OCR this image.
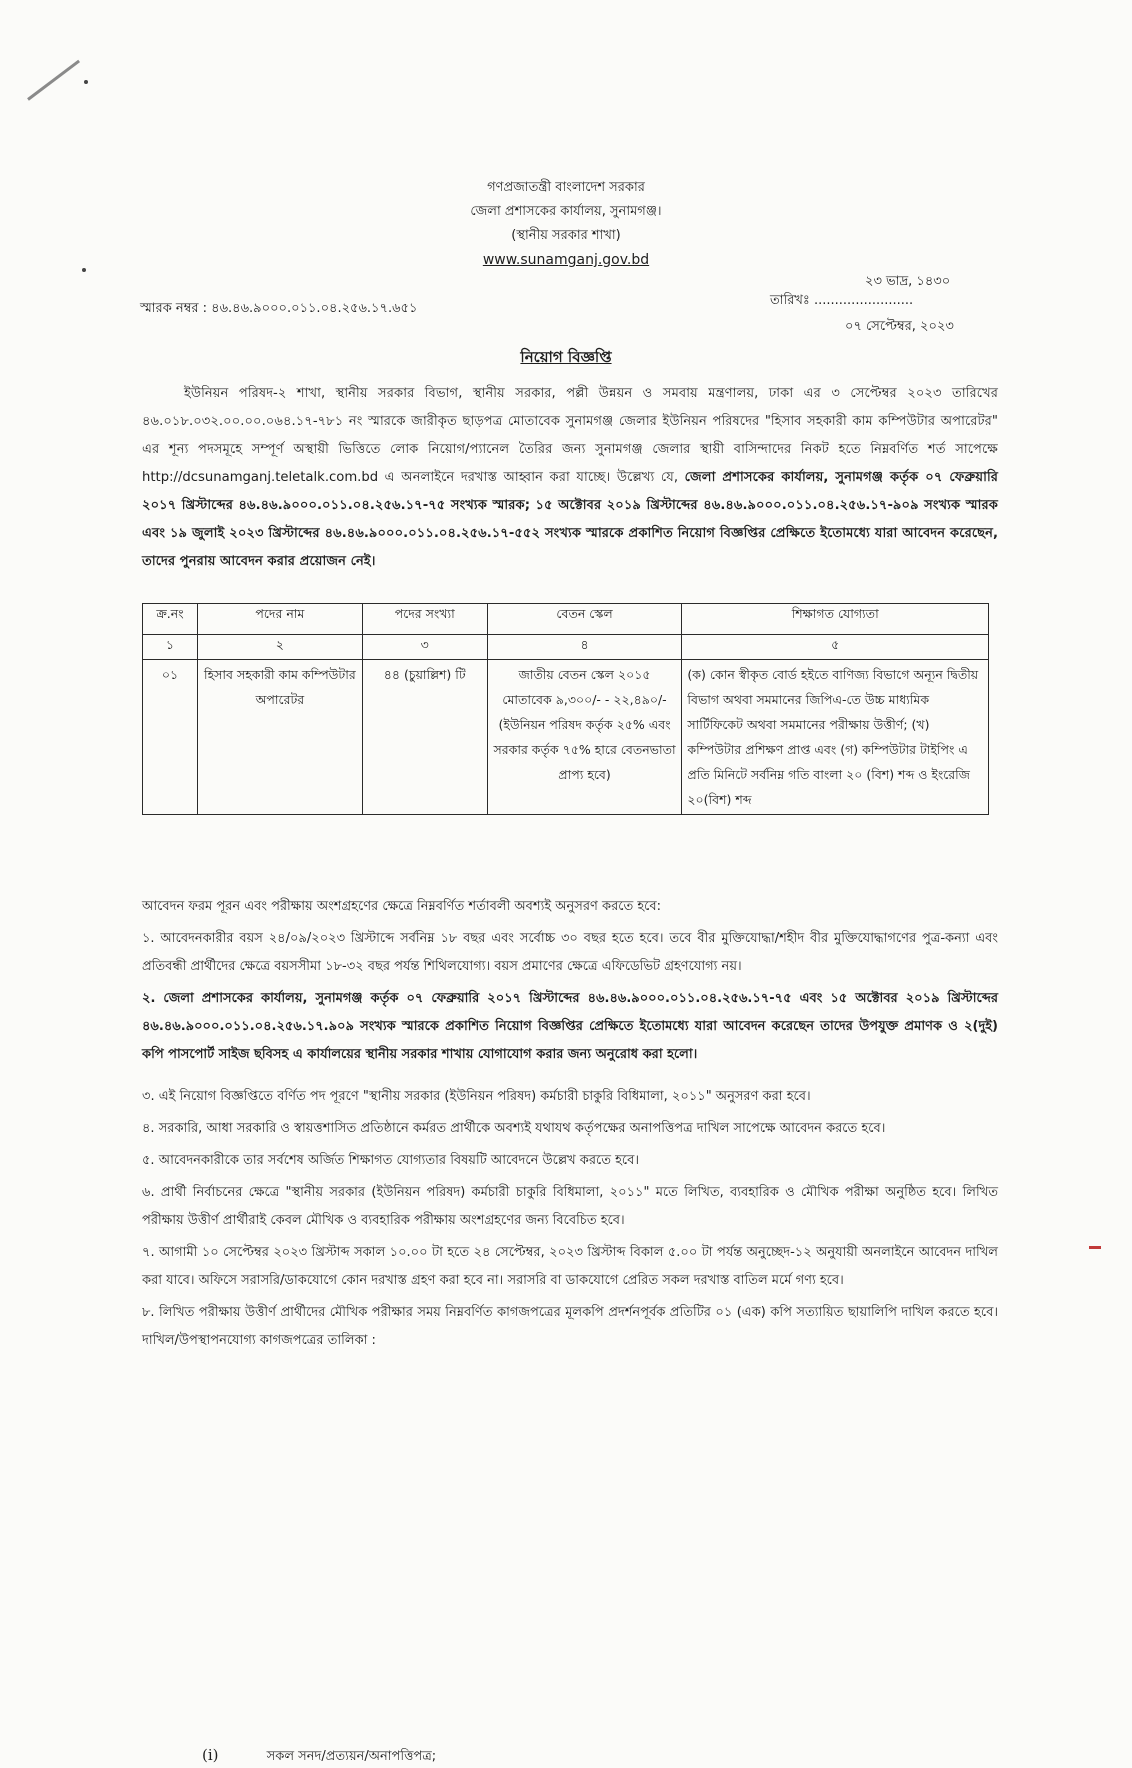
গণপ্রজাতন্ত্রী বাংলাদেশ সরকার
জেলা প্রশাসকের কার্যালয়, সুনামগঞ্জ।
(স্থানীয় সরকার শাখা)
www.sunamganj.gov.bd
২৩ ভাদ্র, ১৪৩০
স্মারক নম্বর : ৪৬.৪৬.৯০০০.০১১.০৪.২৫৬.১৭.৬৫১
তারিখঃ ........................
০৭ সেপ্টেম্বর, ২০২৩
নিয়োগ বিজ্ঞপ্তি
ইউনিয়ন পরিষদ-২ শাখা, স্থানীয় সরকার বিভাগ, স্থানীয় সরকার, পল্লী উন্নয়ন ও সমবায় মন্ত্রণালয়, ঢাকা এর ৩ সেপ্টেম্বর ২০২৩ তারিখের ৪৬.০১৮.০৩২.০০.০০.০৬৪.১৭-৭৮১ নং স্মারকে জারীকৃত ছাড়পত্র মোতাবেক সুনামগঞ্জ জেলার ইউনিয়ন পরিষদের "হিসাব সহকারী কাম কম্পিউটার অপারেটর" এর শূন্য পদসমূহে সম্পূর্ণ অস্থায়ী ভিত্তিতে লোক নিয়োগ/প্যানেল তৈরির জন্য সুনামগঞ্জ জেলার স্থায়ী বাসিন্দাদের নিকট হতে নিম্নবর্ণিত শর্ত সাপেক্ষে http://dcsunamganj.teletalk.com.bd এ অনলাইনে দরখাস্ত আহ্বান করা যাচ্ছে। উল্লেখ্য যে, জেলা প্রশাসকের কার্যালয়, সুনামগঞ্জ কর্তৃক ০৭ ফেব্রুয়ারি ২০১৭ খ্রিস্টাব্দের ৪৬.৪৬.৯০০০.০১১.০৪.২৫৬.১৭-৭৫ সংখ্যক স্মারক; ১৫ অক্টোবর ২০১৯ খ্রিস্টাব্দের ৪৬.৪৬.৯০০০.০১১.০৪.২৫৬.১৭-৯০৯ সংখ্যক স্মারক এবং ১৯ জুলাই ২০২৩ খ্রিস্টাব্দের ৪৬.৪৬.৯০০০.০১১.০৪.২৫৬.১৭-৫৫২ সংখ্যক স্মারকে প্রকাশিত নিয়োগ বিজ্ঞপ্তির প্রেক্ষিতে ইতোমধ্যে যারা আবেদন করেছেন, তাদের পুনরায় আবেদন করার প্রয়োজন নেই।
ক্র.নং	পদের নাম	পদের সংখ্যা	বেতন স্কেল	শিক্ষাগত যোগ্যতা
১	২	৩	৪	৫
০১	হিসাব সহকারী কাম কম্পিউটার অপারেটর	৪৪ (চুয়াল্লিশ) টি	জাতীয় বেতন স্কেল ২০১৫ মোতাবেক ৯,৩০০/- - ২২,৪৯০/- (ইউনিয়ন পরিষদ কর্তৃক ২৫% এবং সরকার কর্তৃক ৭৫% হারে বেতনভাতা প্রাপ্য হবে)	(ক) কোন স্বীকৃত বোর্ড হইতে বাণিজ্য বিভাগে অন্যূন দ্বিতীয় বিভাগ অথবা সমমানের জিপিএ-তে উচ্চ মাধ্যমিক সার্টিফিকেট অথবা সমমানের পরীক্ষায় উত্তীর্ণ; (খ) কম্পিউটার প্রশিক্ষণ প্রাপ্ত এবং (গ) কম্পিউটার টাইপিং এ প্রতি মিনিটে সর্বনিম্ন গতি বাংলা ২০ (বিশ) শব্দ ও ইংরেজি ২০(বিশ) শব্দ

আবেদন ফরম পূরন এবং পরীক্ষায় অংশগ্রহণের ক্ষেত্রে নিম্নবর্ণিত শর্তাবলী অবশ্যই অনুসরণ করতে হবে:

১. আবেদনকারীর বয়স ২৪/০৯/২০২৩ খ্রিস্টাব্দে সর্বনিম্ন ১৮ বছর এবং সর্বোচ্চ ৩০ বছর হতে হবে। তবে বীর মুক্তিযোদ্ধা/শহীদ বীর মুক্তিযোদ্ধাগণের পুত্র-কন্যা এবং প্রতিবন্ধী প্রার্থীদের ক্ষেত্রে বয়সসীমা ১৮-৩২ বছর পর্যন্ত শিথিলযোগ্য। বয়স প্রমাণের ক্ষেত্রে এফিডেভিট গ্রহণযোগ্য নয়।

২. জেলা প্রশাসকের কার্যালয়, সুনামগঞ্জ কর্তৃক ০৭ ফেব্রুয়ারি ২০১৭ খ্রিস্টাব্দের ৪৬.৪৬.৯০০০.০১১.০৪.২৫৬.১৭-৭৫ এবং ১৫ অক্টোবর ২০১৯ খ্রিস্টাব্দের ৪৬.৪৬.৯০০০.০১১.০৪.২৫৬.১৭.৯০৯ সংখ্যক স্মারকে প্রকাশিত নিয়োগ বিজ্ঞপ্তির প্রেক্ষিতে ইতোমধ্যে যারা আবেদন করেছেন তাদের উপযুক্ত প্রমাণক ও ২(দুই) কপি পাসপোর্ট সাইজ ছবিসহ এ কার্যালয়ের স্থানীয় সরকার শাখায় যোগাযোগ করার জন্য অনুরোধ করা হলো।

৩. এই নিয়োগ বিজ্ঞপ্তিতে বর্ণিত পদ পূরণে "স্থানীয় সরকার (ইউনিয়ন পরিষদ) কর্মচারী চাকুরি বিধিমালা, ২০১১" অনুসরণ করা হবে।

৪. সরকারি, আধা সরকারি ও স্বায়ত্তশাসিত প্রতিষ্ঠানে কর্মরত প্রার্থীকে অবশ্যই যথাযথ কর্তৃপক্ষের অনাপত্তিপত্র দাখিল সাপেক্ষে আবেদন করতে হবে।

৫. আবেদনকারীকে তার সর্বশেষ অর্জিত শিক্ষাগত যোগ্যতার বিষয়টি আবেদনে উল্লেখ করতে হবে।

৬. প্রার্থী নির্বাচনের ক্ষেত্রে "স্থানীয় সরকার (ইউনিয়ন পরিষদ) কর্মচারী চাকুরি বিধিমালা, ২০১১" মতে লিখিত, ব্যবহারিক ও মৌখিক পরীক্ষা অনুষ্ঠিত হবে। লিখিত পরীক্ষায় উত্তীর্ণ প্রার্থীরাই কেবল মৌখিক ও ব্যবহারিক পরীক্ষায় অংশগ্রহণের জন্য বিবেচিত হবে।

৭. আগামী ১০ সেপ্টেম্বর ২০২৩ খ্রিস্টাব্দ সকাল ১০.০০ টা হতে ২৪ সেপ্টেম্বর, ২০২৩ খ্রিস্টাব্দ বিকাল ৫.০০ টা পর্যন্ত অনুচ্ছেদ-১২ অনুযায়ী অনলাইনে আবেদন দাখিল করা যাবে। অফিসে সরাসরি/ডাকযোগে কোন দরখাস্ত গ্রহণ করা হবে না। সরাসরি বা ডাকযোগে প্রেরিত সকল দরখাস্ত বাতিল মর্মে গণ্য হবে।

৮. লিখিত পরীক্ষায় উত্তীর্ণ প্রার্থীদের মৌখিক পরীক্ষার সময় নিম্নবর্ণিত কাগজপত্রের মূলকপি প্রদর্শনপূর্বক প্রতিটির ০১ (এক) কপি সত্যায়িত ছায়ালিপি দাখিল করতে হবে। দাখিল/উপস্থাপনযোগ্য কাগজপত্রের তালিকা :

(i)	সকল সনদ/প্রত্যয়ন/অনাপত্তিপত্র;
